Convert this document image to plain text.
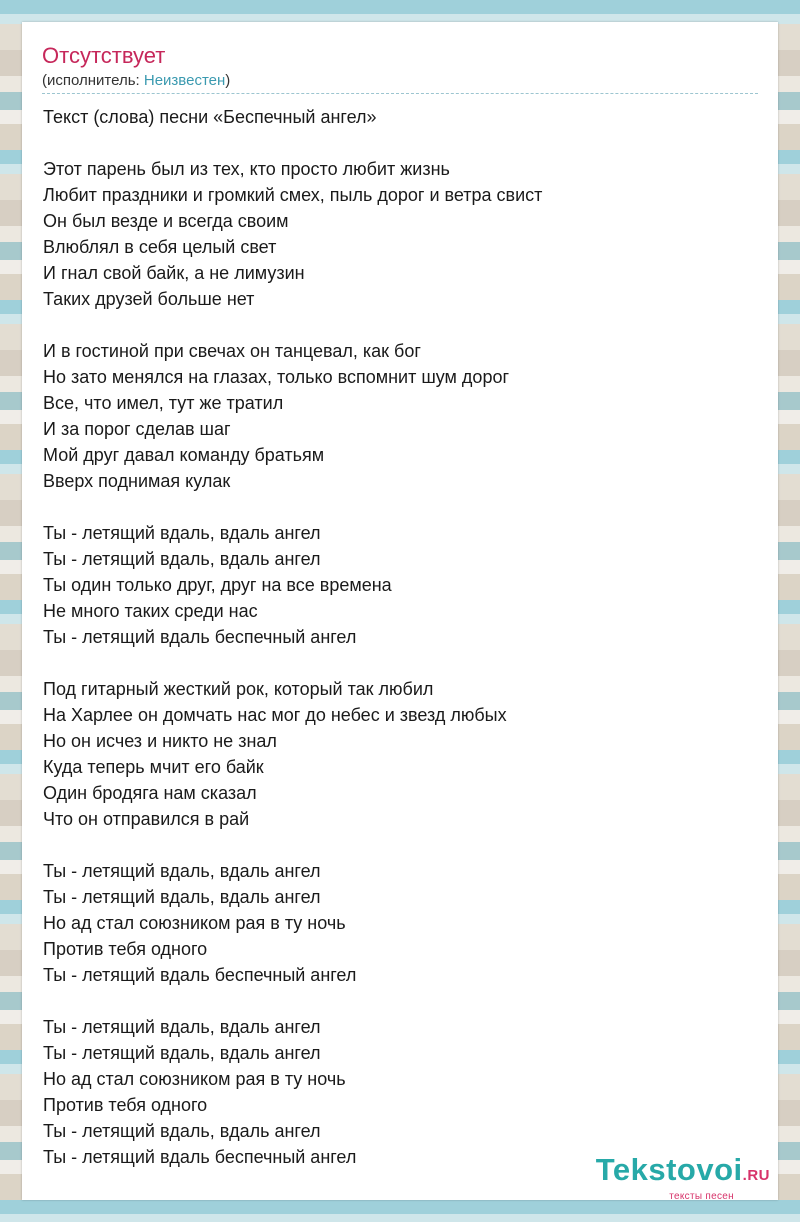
Отсутствует
(исполнитель: Неизвестен)
Текст (слова) песни «Беспечный ангел»
Этот парень был из тех, кто просто любит жизнь
Любит праздники и громкий смех, пыль дорог и ветра свист
Он был везде и всегда своим
Влюблял в себя целый свет
И гнал свой байк, а не лимузин
Таких друзей больше нет
И в гостиной при свечах он танцевал, как бог
Но зато менялся на глазах, только вспомнит шум дорог
Все, что имел, тут же тратил
И за порог сделав шаг
Мой друг давал команду братьям
Вверх поднимая кулак
Ты - летящий вдаль, вдаль ангел
Ты - летящий вдаль, вдаль ангел
Ты один только друг, друг на все времена
Не много таких среди нас
Ты - летящий вдаль беспечный ангел
Под гитарный жесткий рок, который так любил
На Харлее он домчать нас мог до небес и звезд любых
Но он исчез и никто не знал
Куда теперь мчит его байк
Один бродяга нам сказал
Что он отправился в рай
Ты - летящий вдаль, вдаль ангел
Ты - летящий вдаль, вдаль ангел
Но ад стал союзником рая в ту ночь
Против тебя одного
Ты - летящий вдаль беспечный ангел
Ты - летящий вдаль, вдаль ангел
Ты - летящий вдаль, вдаль ангел
Но ад стал союзником рая в ту ночь
Против тебя одного
Ты - летящий вдаль, вдаль ангел
Ты - летящий вдаль беспечный ангел	Tekstovoi.RU
тексты песен
